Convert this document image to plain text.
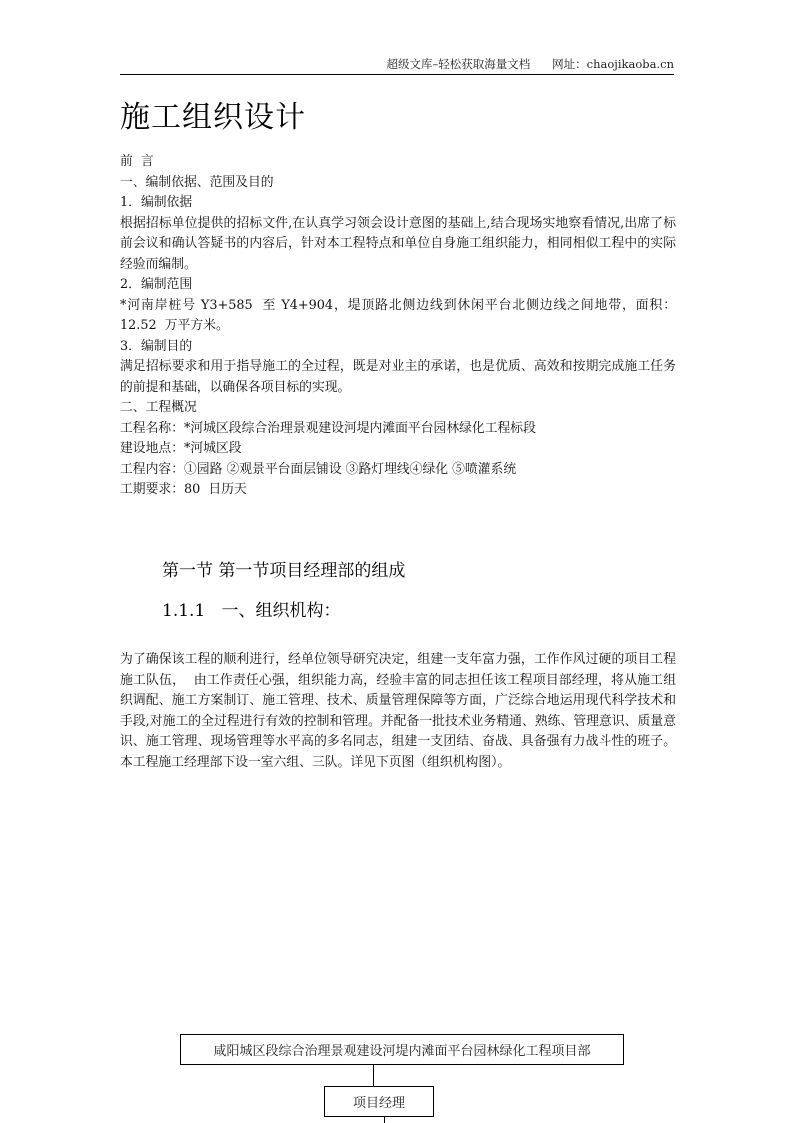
超级文库–轻松获取海量文档 网址：chaojikaoba.cn
施工组织设计

前  言

一、编制依据、范围及目的

1．编制依据

根据招标单位提供的招标文件,在认真学习领会设计意图的基础上,结合现场实地察看情况,出席了标前会议和确认答疑书的内容后，针对本工程特点和单位自身施工组织能力，相同相似工程中的实际经验而编制。

2．编制范围

*河南岸桩号 Y3+585  至 Y4+904，堤顶路北侧边线到休闲平台北侧边线之间地带，面积：12.52  万平方米。

3．编制目的

满足招标要求和用于指导施工的全过程，既是对业主的承诺，也是优质、高效和按期完成施工任务的前提和基础，以确保各项目标的实现。

二、工程概况

工程名称：*河城区段综合治理景观建设河堤内滩面平台园林绿化工程标段

建设地点：*河城区段

工程内容：①园路 ②观景平台面层铺设 ③路灯埋线④绿化 ⑤喷灌系统

工期要求：80  日历天

第一节 第一节项目经理部的组成
1.1.1   一、组织机构：

为了确保该工程的顺利进行，经单位领导研究决定，组建一支年富力强，工作作风过硬的项目工程施工队伍，  由工作责任心强，组织能力高，经验丰富的同志担任该工程项目部经理，将从施工组织调配、施工方案制订、施工管理、技术、质量管理保障等方面，广泛综合地运用现代科学技术和手段,对施工的全过程进行有效的控制和管理。并配备一批技术业务精通、熟练、管理意识、质量意识、施工管理、现场管理等水平高的多名同志，组建一支团结、奋战、具备强有力战斗性的班子。本工程施工经理部下设一室六组、三队。详见下页图（组织机构图）。

咸阳城区段综合治理景观建设河堤内滩面平台园林绿化工程项目部
项目经理
